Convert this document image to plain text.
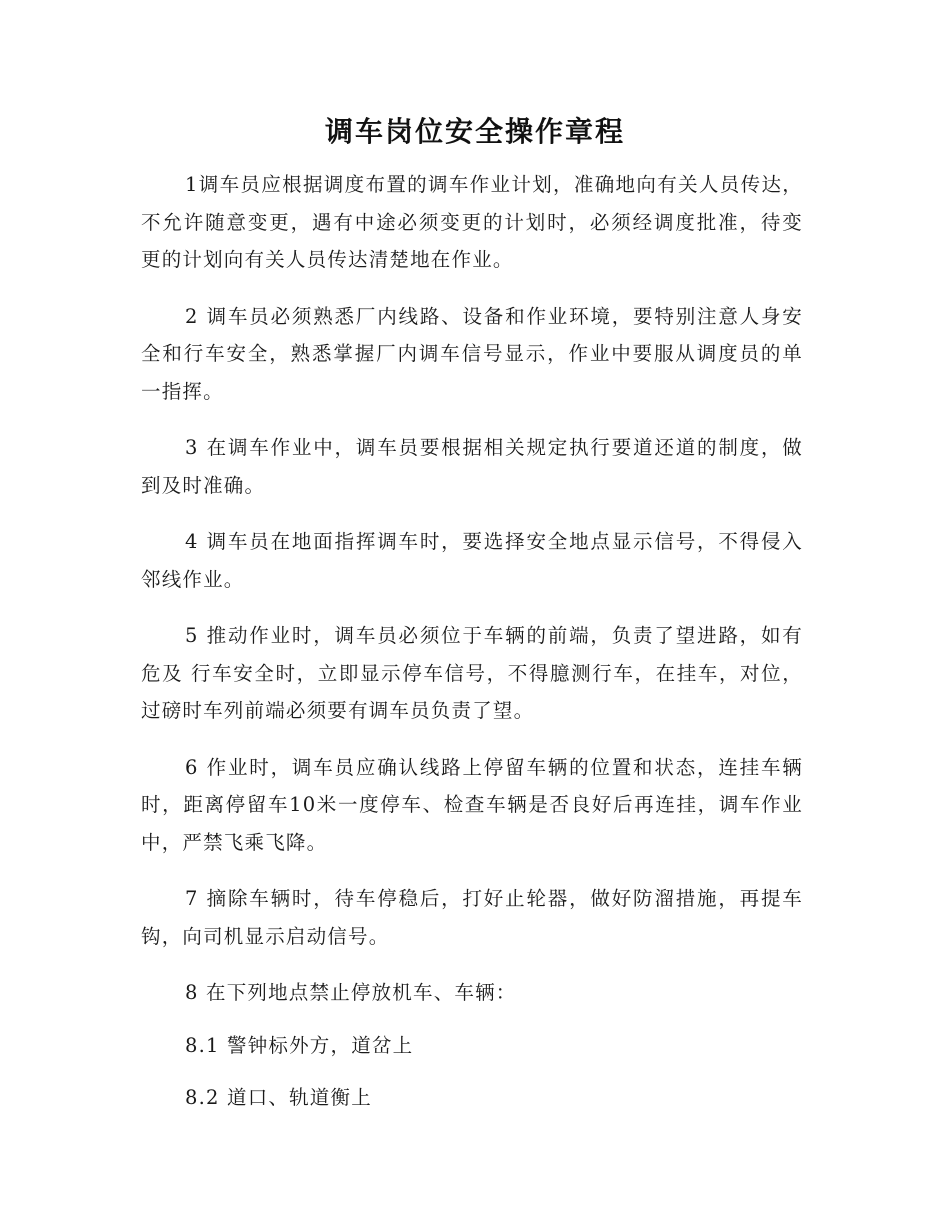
调车岗位安全操作章程

1调车员应根据调度布置的调车作业计划，准确地向有关人员传达，不允许随意变更，遇有中途必须变更的计划时，必须经调度批准，待变更的计划向有关人员传达清楚地在作业。

2 调车员必须熟悉厂内线路、设备和作业环境，要特别注意人身安全和行车安全，熟悉掌握厂内调车信号显示，作业中要服从调度员的单一指挥。

3 在调车作业中，调车员要根据相关规定执行要道还道的制度，做到及时准确。

4 调车员在地面指挥调车时，要选择安全地点显示信号，不得侵入邻线作业。

5 推动作业时，调车员必须位于车辆的前端，负责了望进路，如有危及 行车安全时，立即显示停车信号，不得臆测行车，在挂车，对位，过磅时车列前端必须要有调车员负责了望。

6 作业时，调车员应确认线路上停留车辆的位置和状态，连挂车辆时，距离停留车10米一度停车、检查车辆是否良好后再连挂，调车作业中，严禁飞乘飞降。

7 摘除车辆时，待车停稳后，打好止轮器，做好防溜措施，再提车钩，向司机显示启动信号。

8 在下列地点禁止停放机车、车辆：

8.1 警钟标外方，道岔上

8.2 道口、轨道衡上
